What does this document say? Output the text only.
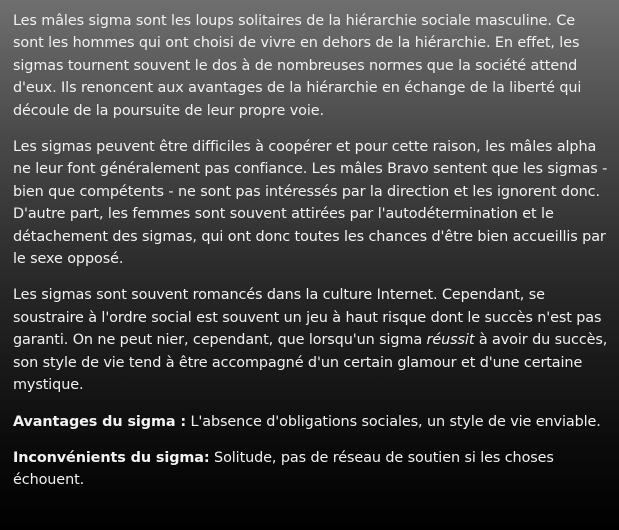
Les mâles sigma sont les loups solitaires de la hiérarchie sociale masculine. Ce sont les hommes qui ont choisi de vivre en dehors de la hiérarchie. En effet, les sigmas tournent souvent le dos à de nombreuses normes que la société attend d'eux. Ils renoncent aux avantages de la hiérarchie en échange de la liberté qui découle de la poursuite de leur propre voie.

Les sigmas peuvent être difficiles à coopérer et pour cette raison, les mâles alpha ne leur font généralement pas confiance. Les mâles Bravo sentent que les sigmas - bien que compétents - ne sont pas intéressés par la direction et les ignorent donc. D'autre part, les femmes sont souvent attirées par l'autodétermination et le détachement des sigmas, qui ont donc toutes les chances d'être bien accueillis par le sexe opposé.

Les sigmas sont souvent romancés dans la culture Internet. Cependant, se soustraire à l'ordre social est souvent un jeu à haut risque dont le succès n'est pas garanti. On ne peut nier, cependant, que lorsqu'un sigma réussit à avoir du succès, son style de vie tend à être accompagné d'un certain glamour et d'une certaine mystique.

Avantages du sigma : L'absence d'obligations sociales, un style de vie enviable.

Inconvénients du sigma: Solitude, pas de réseau de soutien si les choses échouent.
